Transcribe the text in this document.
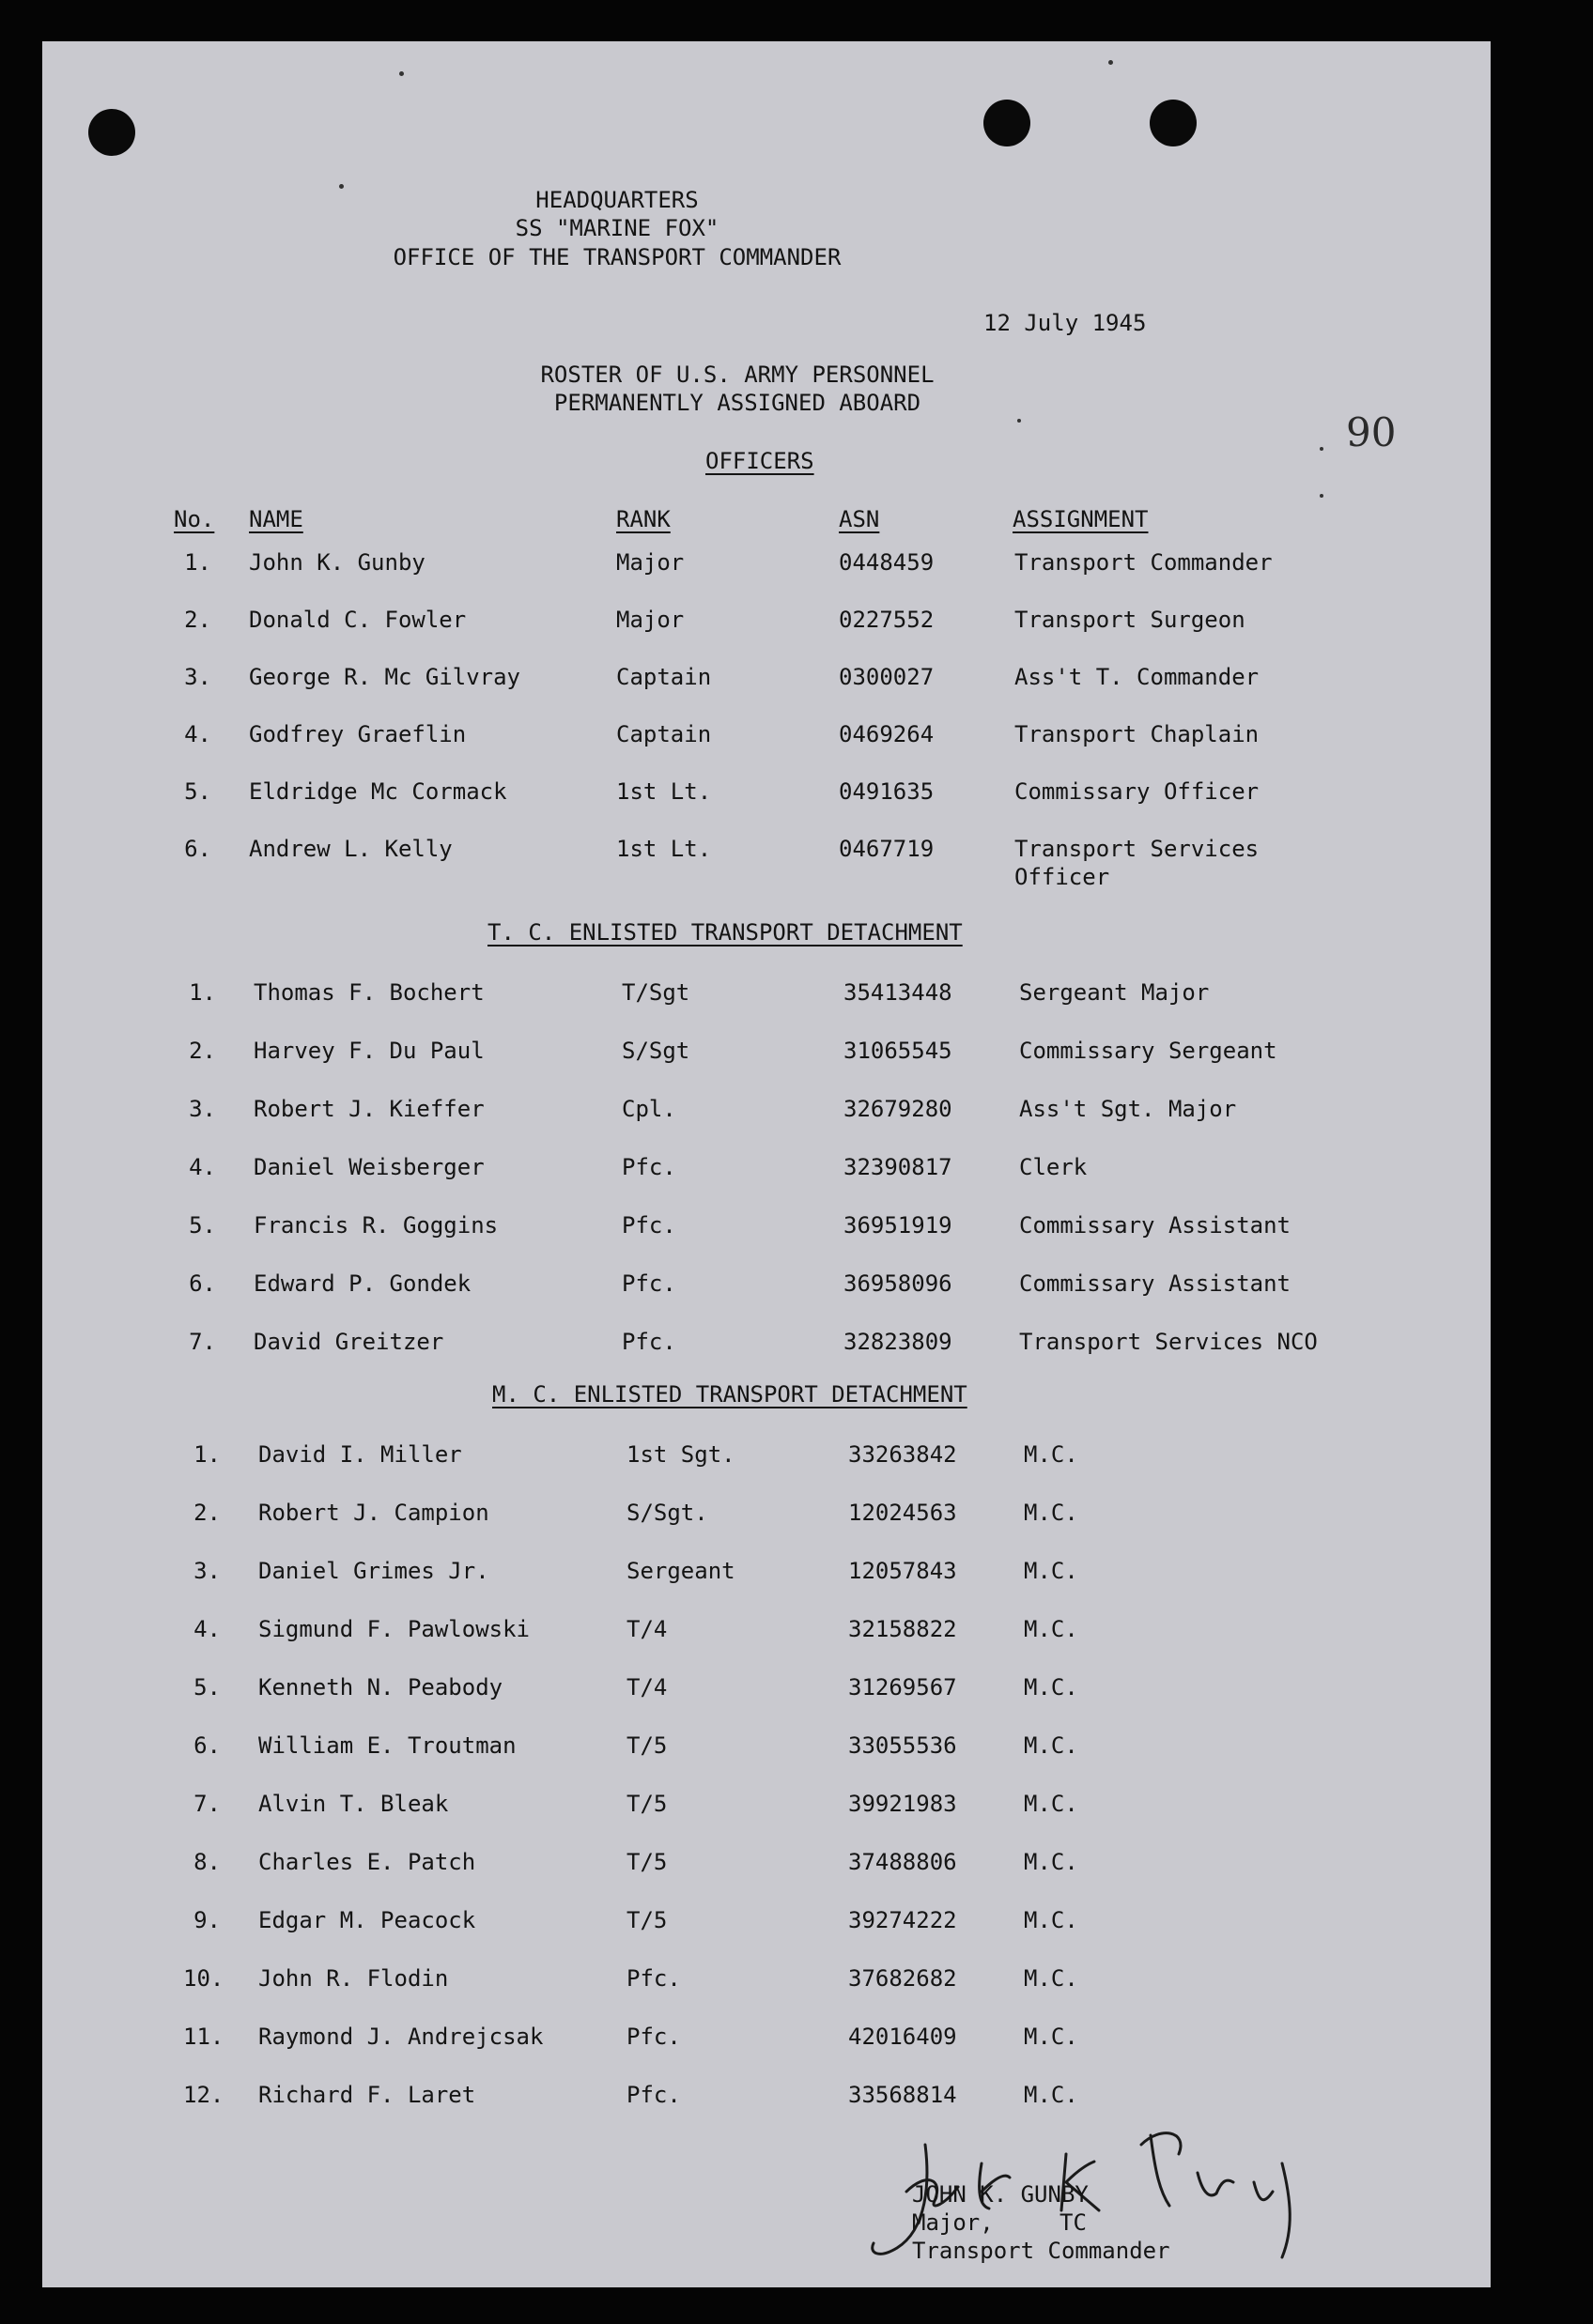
90
HEADQUARTERS
SS "MARINE FOX"
OFFICE OF THE TRANSPORT COMMANDER
12 July 1945
ROSTER OF U.S. ARMY PERSONNEL
PERMANENTLY ASSIGNED ABOARD
OFFICERS
No. NAME	RANK	ASN	ASSIGNMENT
1. John K. Gunby	Major	0448459	Transport Commander
2. Donald C. Fowler	Major	0227552	Transport Surgeon
3. George R. Mc Gilvray	Captain	0300027	Ass't T. Commander
4. Godfrey Graeflin	Captain	0469264	Transport Chaplain
5. Eldridge Mc Cormack	1st Lt.	0491635	Commissary Officer
6. Andrew L. Kelly	1st Lt.	0467719	Transport Services
Officer
T. C. ENLISTED TRANSPORT DETACHMENT
1. Thomas F. Bochert	T/Sgt	35413448	Sergeant Major
2. Harvey F. Du Paul	S/Sgt	31065545	Commissary Sergeant
3. Robert J. Kieffer	Cpl.	32679280	Ass't Sgt. Major
4. Daniel Weisberger	Pfc.	32390817	Clerk
5. Francis R. Goggins	Pfc.	36951919	Commissary Assistant
6. Edward P. Gondek	Pfc.	36958096	Commissary Assistant
7. David Greitzer	Pfc.	32823809	Transport Services NCO
M. C. ENLISTED TRANSPORT DETACHMENT
1. David I. Miller	1st Sgt.	33263842	M.C.
2. Robert J. Campion	S/Sgt.	12024563	M.C.
3. Daniel Grimes Jr.	Sergeant	12057843	M.C.
4. Sigmund F. Pawlowski	T/4	32158822	M.C.
5. Kenneth N. Peabody	T/4	31269567	M.C.
6. William E. Troutman	T/5	33055536	M.C.
7. Alvin T. Bleak	T/5	39921983	M.C.
8. Charles E. Patch	T/5	37488806	M.C.
9. Edgar M. Peacock	T/5	39274222	M.C.
10. John R. Flodin	Pfc.	37682682	M.C.
11. Raymond J. Andrejcsak	Pfc.	42016409	M.C.
12. Richard F. Laret	Pfc.	33568814	M.C.
JOHN K. GUNBY
Major,	TC
Transport Commander
